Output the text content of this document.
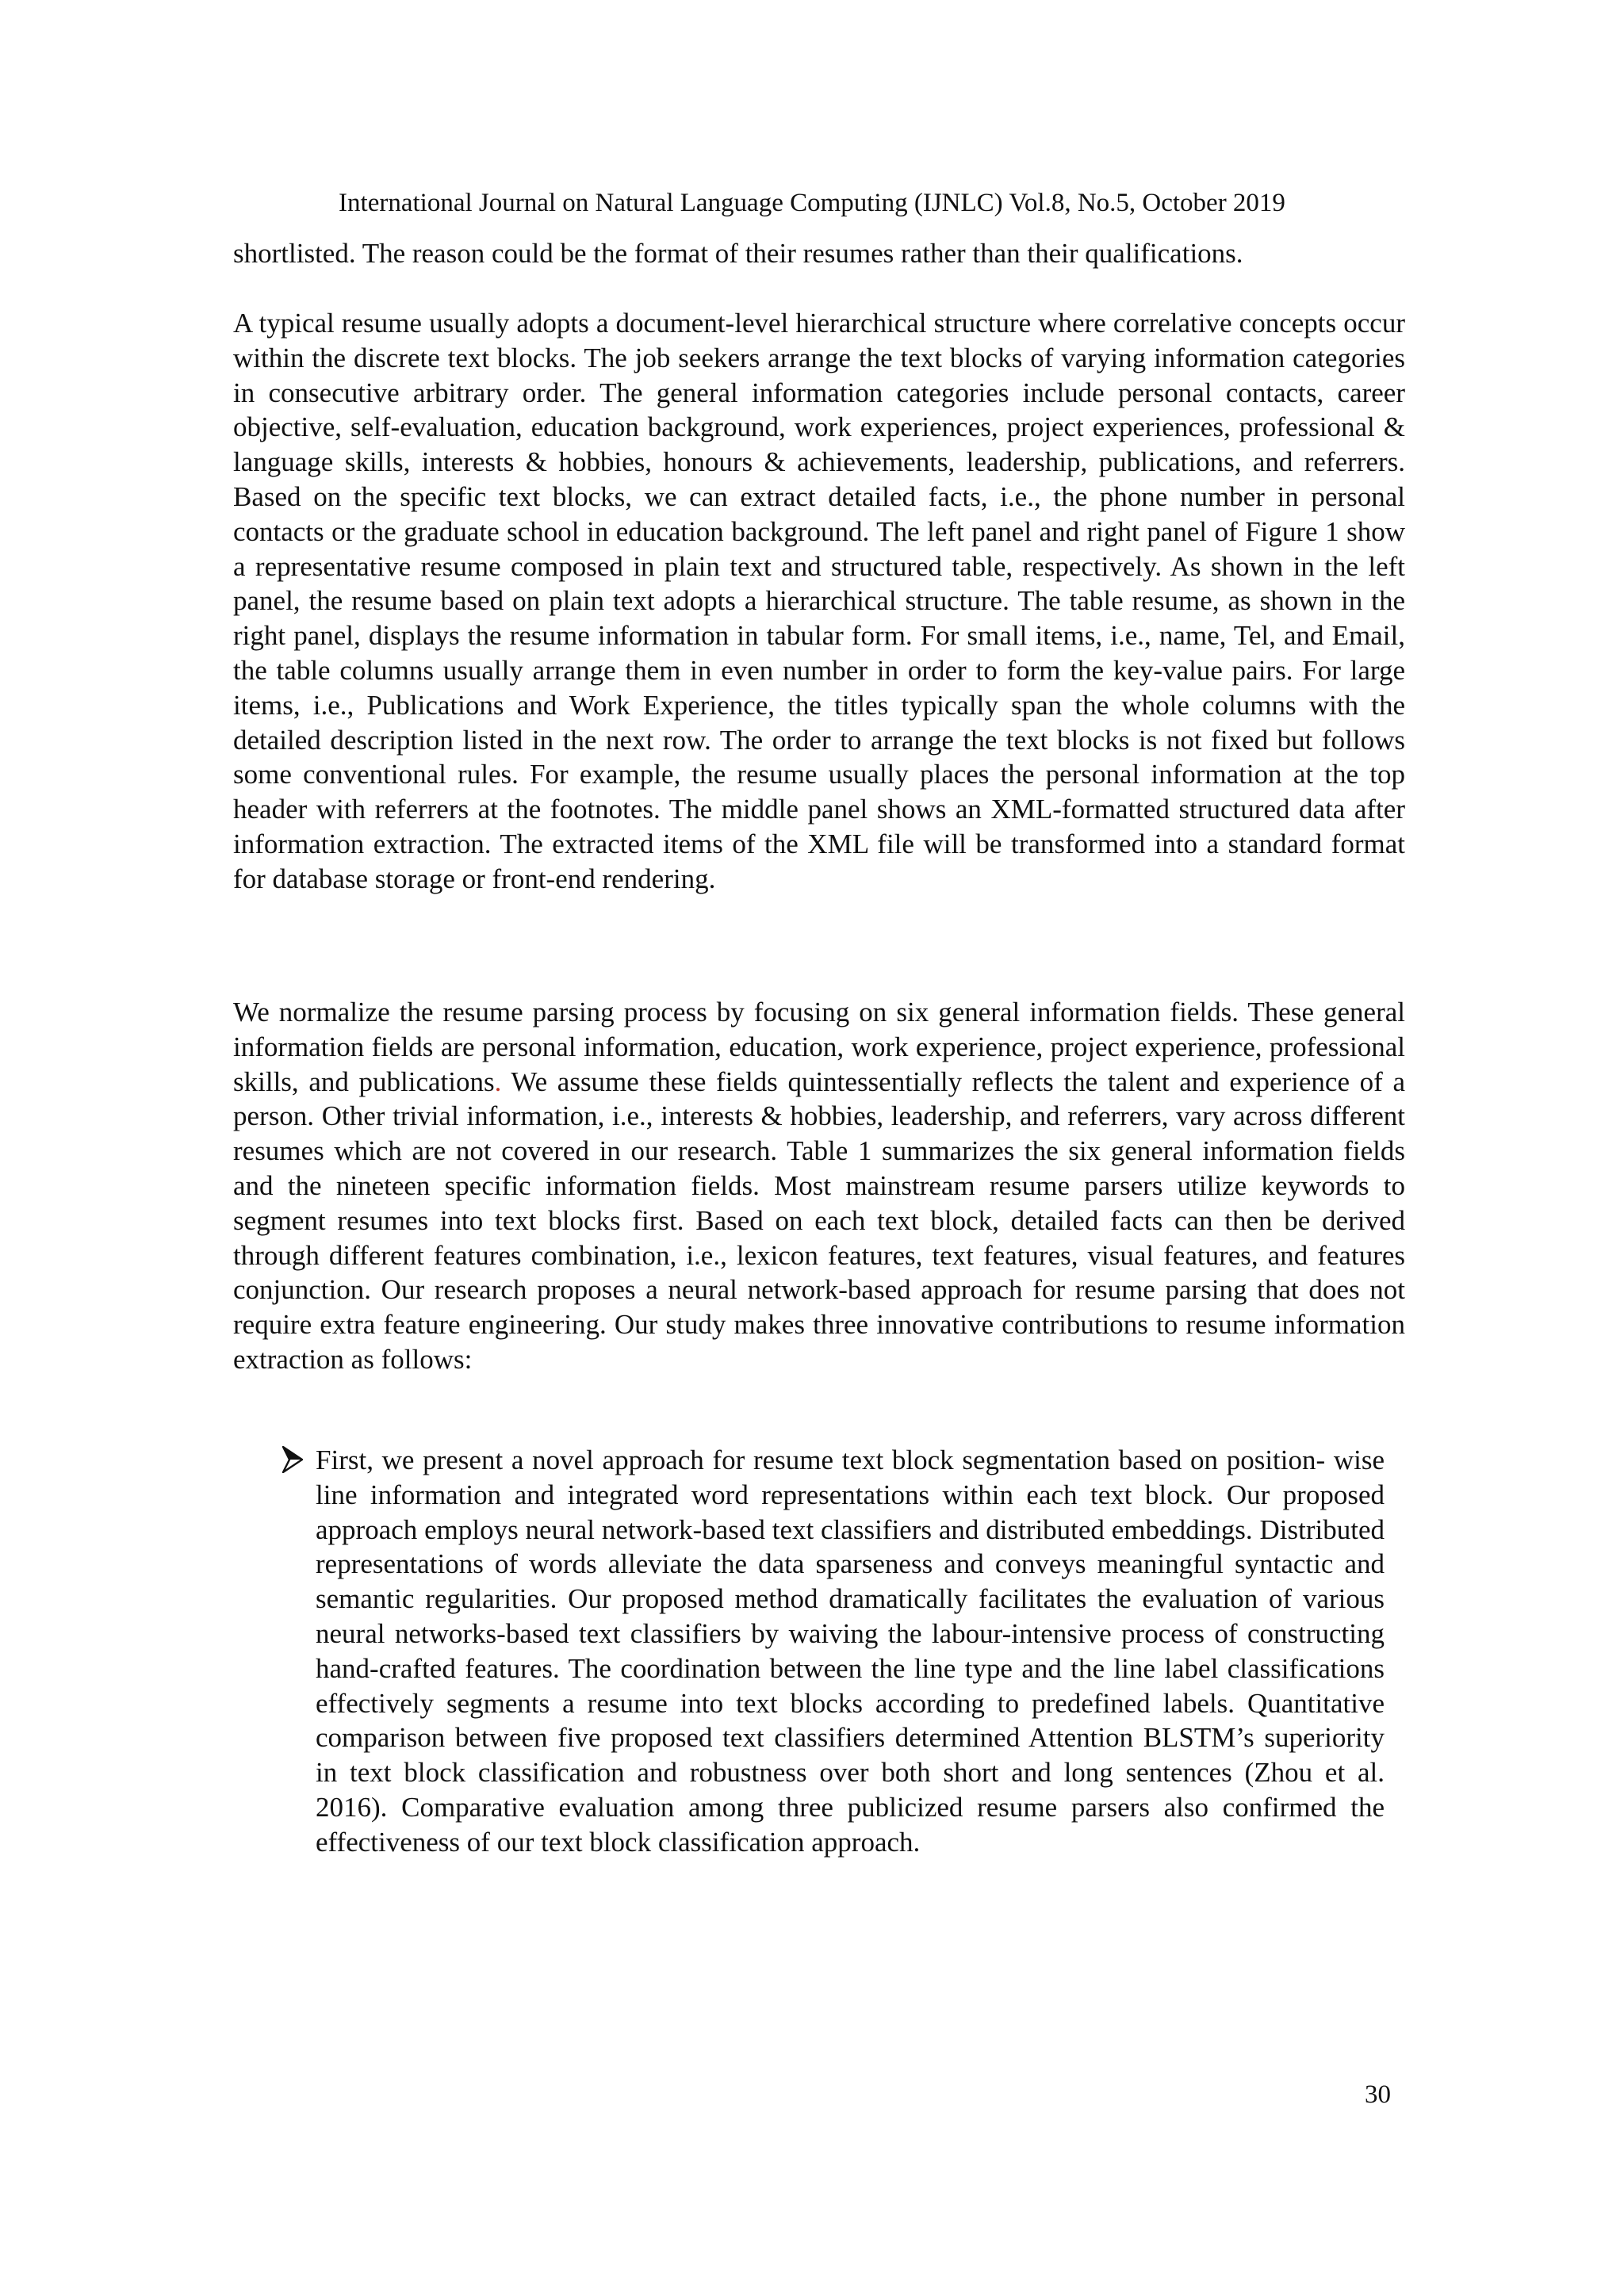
International Journal on Natural Language Computing (IJNLC) Vol.8, No.5, October 2019

shortlisted. The reason could be the format of their resumes rather than their qualifications.

A typical resume usually adopts a document-level hierarchical structure where correlative concepts occur within the discrete text blocks. The job seekers arrange the text blocks of varying information categories in consecutive arbitrary order. The general information categories include personal contacts, career objective, self-evaluation, education background, work experiences, project experiences, professional & language skills, interests & hobbies, honours & achievements, leadership, publications, and referrers. Based on the specific text blocks, we can extract detailed facts, i.e., the phone number in personal contacts or the graduate school in education background. The left panel and right panel of Figure 1 show a representative resume composed in plain text and structured table, respectively. As shown in the left panel, the resume based on plain text adopts a hierarchical structure. The table resume, as shown in the right panel, displays the resume information in tabular form. For small items, i.e., name, Tel, and Email, the table columns usually arrange them in even number in order to form the key-value pairs. For large items, i.e., Publications and Work Experience, the titles typically span the whole columns with the detailed description listed in the next row. The order to arrange the text blocks is not fixed but follows some conventional rules. For example, the resume usually places the personal information at the top header with referrers at the footnotes. The middle panel shows an XML-formatted structured data after information extraction. The extracted items of the XML file will be transformed into a standard format for database storage or front-end rendering.

We normalize the resume parsing process by focusing on six general information fields. These general information fields are personal information, education, work experience, project experience, professional skills, and publications. We assume these fields quintessentially reflects the talent and experience of a person. Other trivial information, i.e., interests & hobbies, leadership, and referrers, vary across different resumes which are not covered in our research. Table 1 summarizes the six general information fields and the nineteen specific information fields. Most mainstream resume parsers utilize keywords to segment resumes into text blocks first. Based on each text block, detailed facts can then be derived through different features combination, i.e., lexicon features, text features, visual features, and features conjunction. Our research proposes a neural network-based approach for resume parsing that does not require extra feature engineering. Our study makes three innovative contributions to resume information extraction as follows:

First, we present a novel approach for resume text block segmentation based on position- wise line information and integrated word representations within each text block. Our proposed approach employs neural network-based text classifiers and distributed embeddings. Distributed representations of words alleviate the data sparseness and conveys meaningful syntactic and semantic regularities. Our proposed method dramatically facilitates the evaluation of various neural networks-based text classifiers by waiving the labour-intensive process of constructing hand-crafted features. The coordination between the line type and the line label classifications effectively segments a resume into text blocks according to predefined labels. Quantitative comparison between five proposed text classifiers determined Attention BLSTM’s superiority in text block classification and robustness over both short and long sentences (Zhou et al. 2016). Comparative evaluation among three publicized resume parsers also confirmed the effectiveness of our text block classification approach.

30
